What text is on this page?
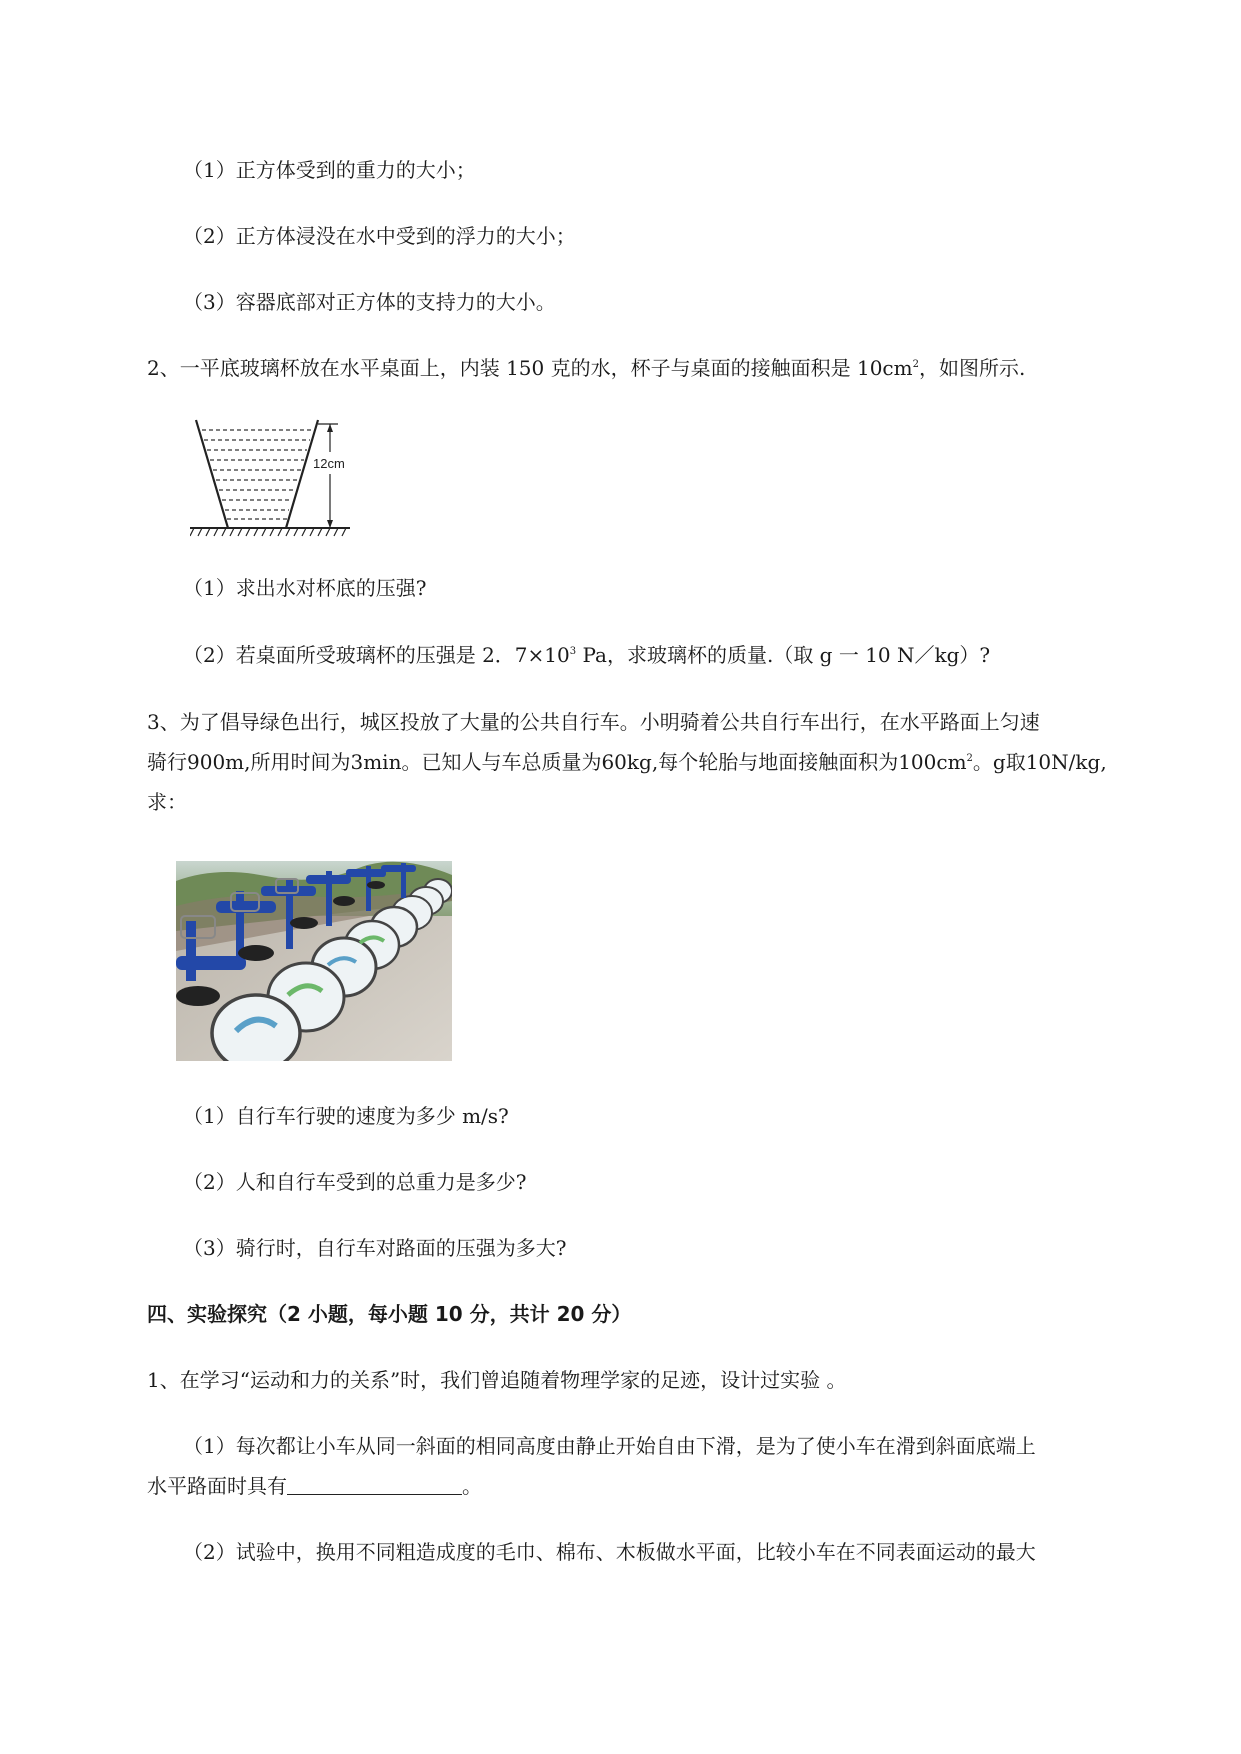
（1）正方体受到的重力的大小；
（2）正方体浸没在水中受到的浮力的大小；
（3）容器底部对正方体的支持力的大小。
2、一平底玻璃杯放在水平桌面上，内装 150 克的水，杯子与桌面的接触面积是 $10cm^2$，如图所示.
12cm
（1）求出水对杯底的压强?
（2）若桌面所受玻璃杯的压强是 2．$7\times 10^3$ Pa，求玻璃杯的质量.（取 g 一 10 N／kg）?
3、为了倡导绿色出行，城区投放了大量的公共自行车。小明骑着公共自行车出行，在水平路面上匀速
骑行900m,所用时间为3min。已知人与车总质量为60kg,每个轮胎与地面接触面积为$100cm^2$。g取10N/kg,
求：
（1）自行车行驶的速度为多少 m/s?
（2）人和自行车受到的总重力是多少?
（3）骑行时，自行车对路面的压强为多大?
四、实验探究（2 小题，每小题 10 分，共计 20 分）
1、在学习“运动和力的关系”时，我们曾追随着物理学家的足迹，设计过实验 。
（1）每次都让小车从同一斜面的相同高度由静止开始自由下滑，是为了使小车在滑到斜面底端上
水平路面时具有	。
（2）试验中，换用不同粗造成度的毛巾、棉布、木板做水平面，比较小车在不同表面运动的最大
